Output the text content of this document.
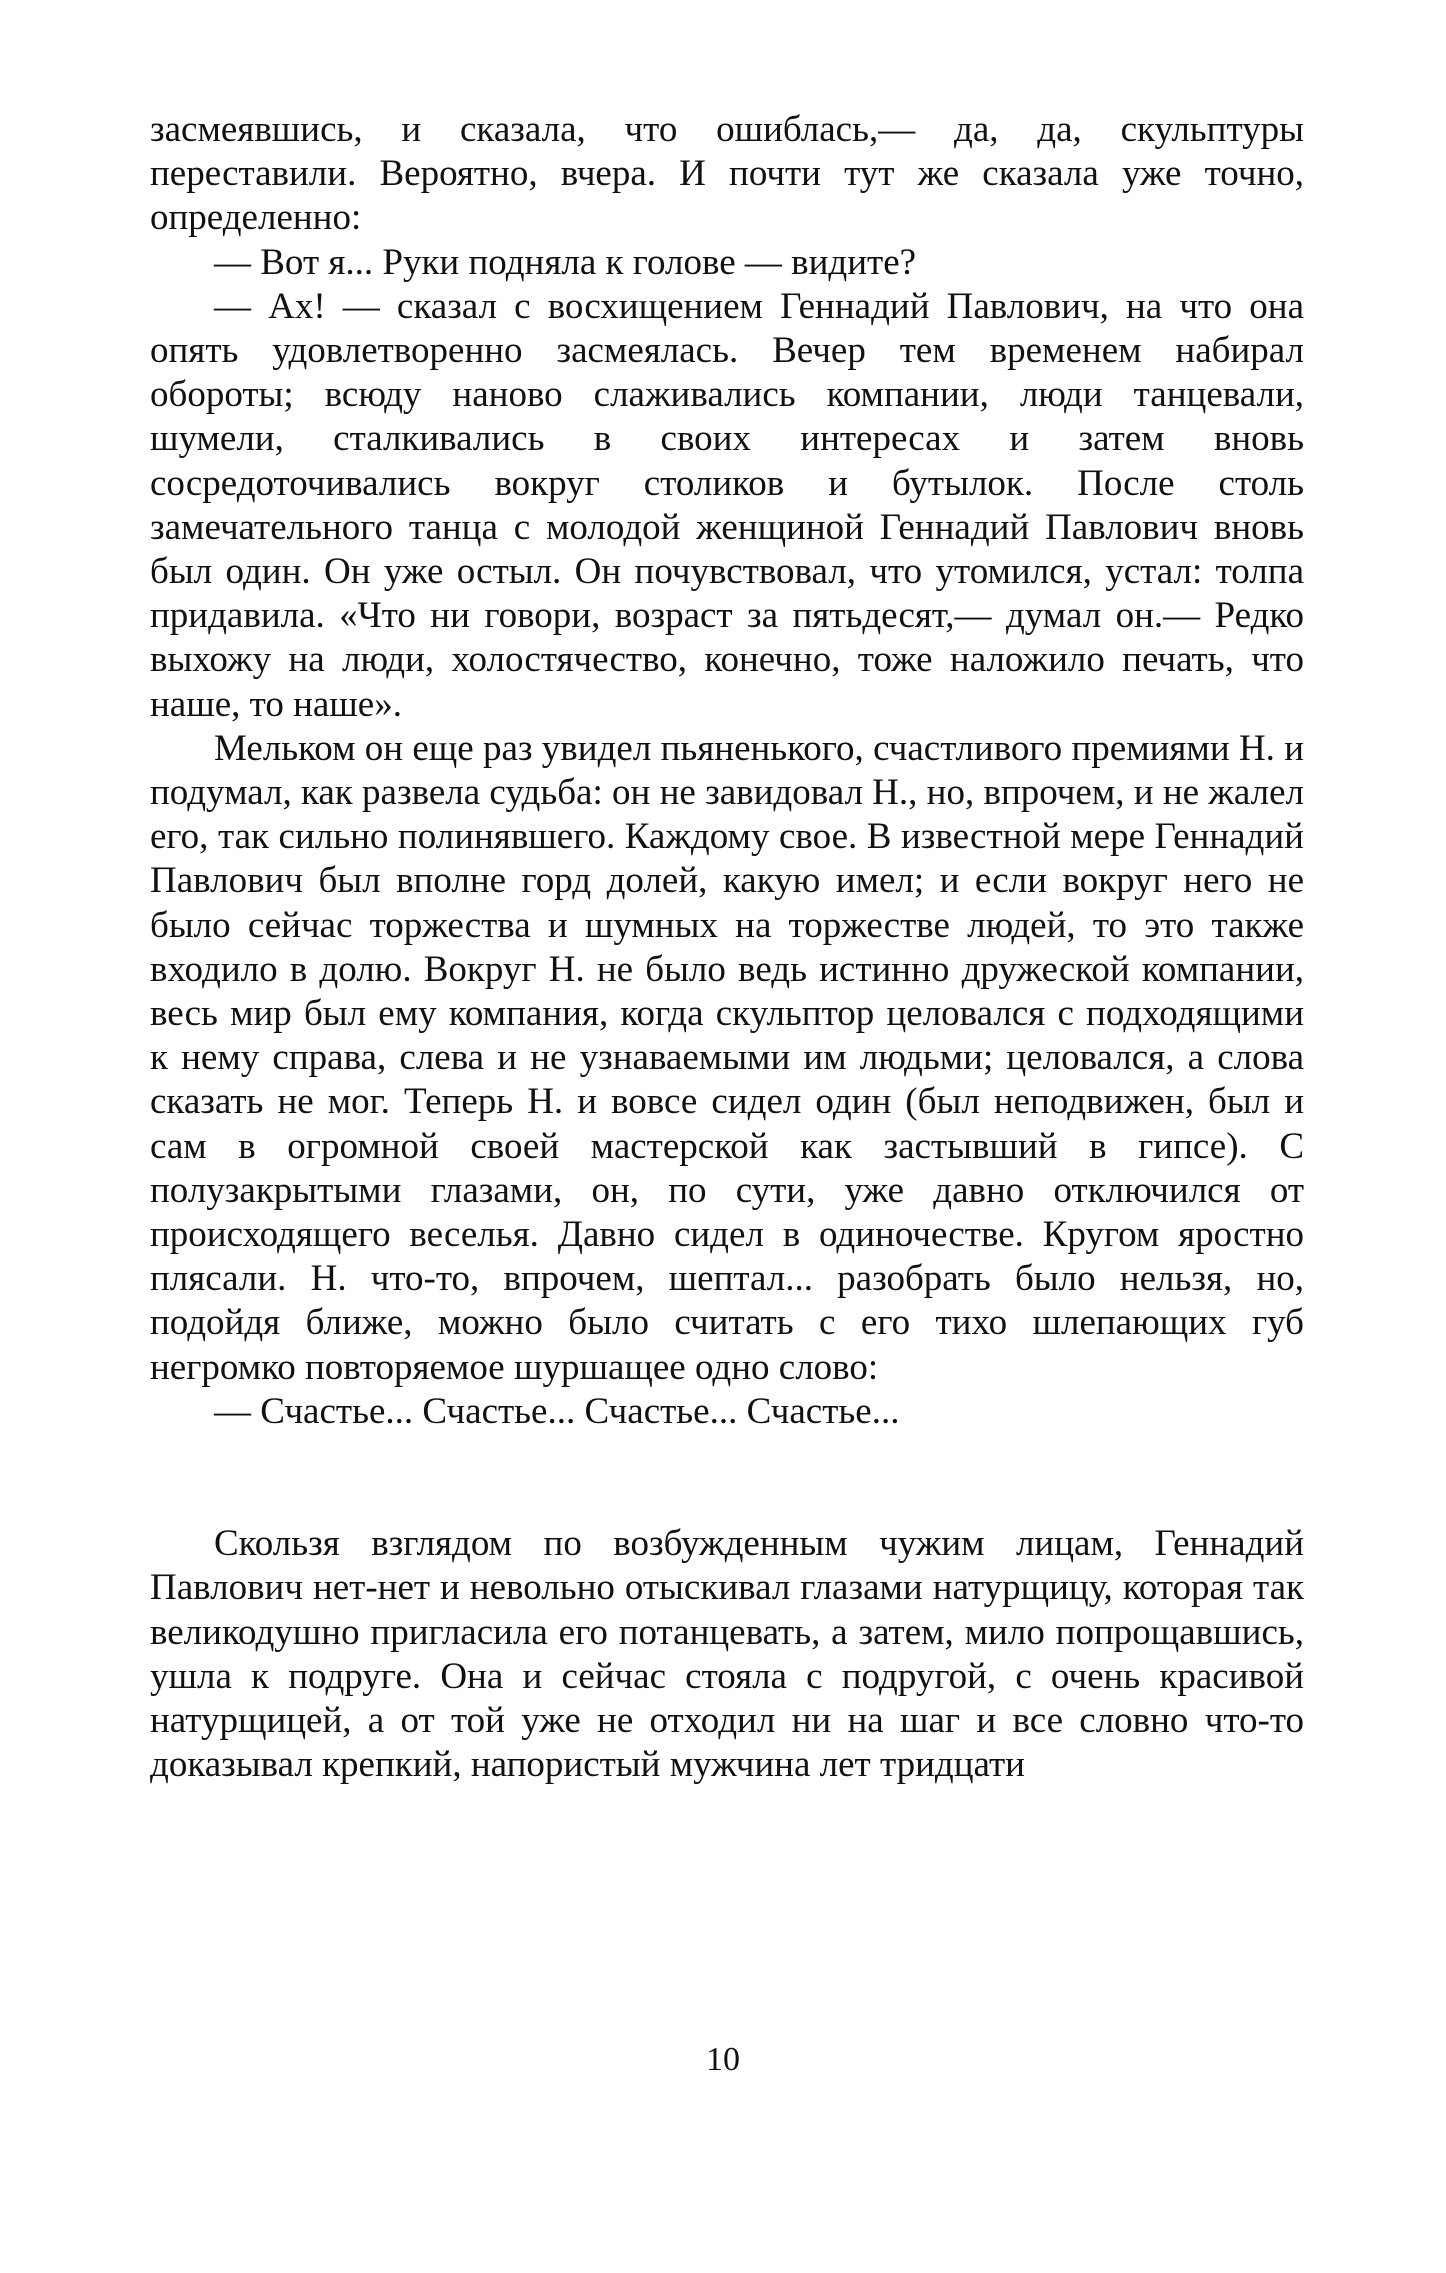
засмеявшись, и сказала, что ошиблась,— да, да, скульптуры переставили. Вероятно, вчера. И почти тут же сказала уже точно, определенно:

— Вот я... Руки подняла к голове — видите?

— Ах! — сказал с восхищением Геннадий Павлович, на что она опять удовлетворенно засмеялась. Вечер тем временем набирал обороты; всюду наново слаживались компании, люди танцевали, шумели, сталкивались в своих интересах и затем вновь сосредоточивались вокруг столиков и бутылок. После столь замечательного танца с молодой женщиной Геннадий Павлович вновь был один. Он уже остыл. Он почувствовал, что утомился, устал: толпа придавила. «Что ни говори, возраст за пятьдесят,— думал он.— Редко выхожу на люди, холостячество, конечно, тоже наложило печать, что наше, то наше».

Мельком он еще раз увидел пьяненького, счастливого премиями Н. и подумал, как развела судьба: он не завидовал Н., но, впрочем, и не жалел его, так сильно полинявшего. Каждому свое. В известной мере Геннадий Павлович был вполне горд долей, какую имел; и если вокруг него не было сейчас торжества и шумных на торжестве людей, то это также входило в долю. Вокруг Н. не было ведь истинно дружеской компании, весь мир был ему компания, когда скульптор целовался с подходящими к нему справа, слева и не узнаваемыми им людьми; целовался, а слова сказать не мог. Теперь Н. и вовсе сидел один (был неподвижен, был и сам в огромной своей мастерской как застывший в гипсе). С полузакрытыми глазами, он, по сути, уже давно отключился от происходящего веселья. Давно сидел в одиночестве. Кругом яростно плясали. Н. что-то, впрочем, шептал... разобрать было нельзя, но, подойдя ближе, можно было считать с его тихо шлепающих губ негромко повторяемое шуршащее одно слово:

— Счастье... Счастье... Счастье... Счастье...

Скользя взглядом по возбужденным чужим лицам, Геннадий Павлович нет-нет и невольно отыскивал глазами натурщицу, которая так великодушно пригласила его потанцевать, а затем, мило попрощавшись, ушла к подруге. Она и сейчас стояла с подругой, с очень красивой натурщицей, а от той уже не отходил ни на шаг и все словно что-то доказывал крепкий, напористый мужчина лет тридцати

10
